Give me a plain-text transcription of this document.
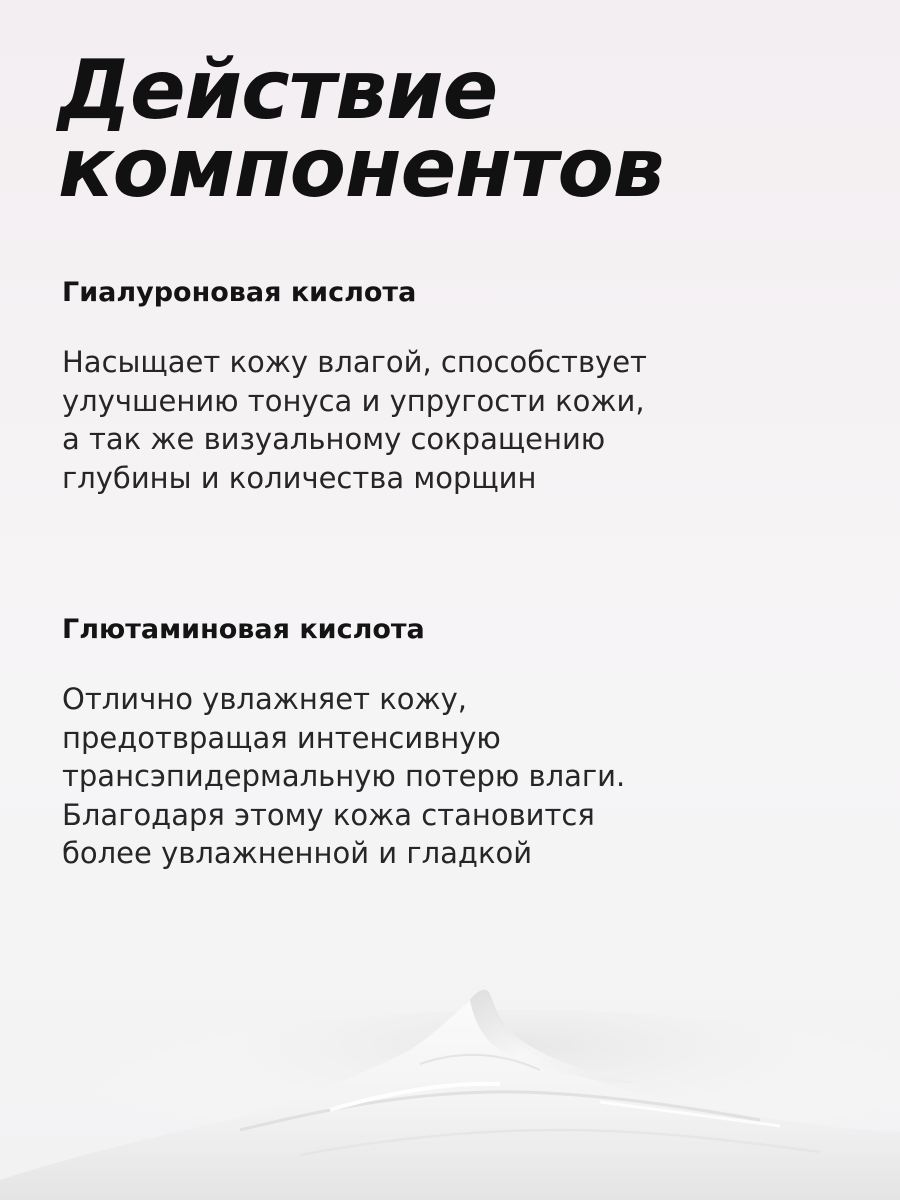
Действие
компонентов
Гиалуроновая кислота

Насыщает кожу влагой, способствует
улучшению тонуса и упругости кожи,
а так же визуальному сокращению
глубины и количества морщин

Глютаминовая кислота

Отлично увлажняет кожу,
предотвращая интенсивную
трансэпидермальную потерю влаги.
Благодаря этому кожа становится
более увлажненной и гладкой
